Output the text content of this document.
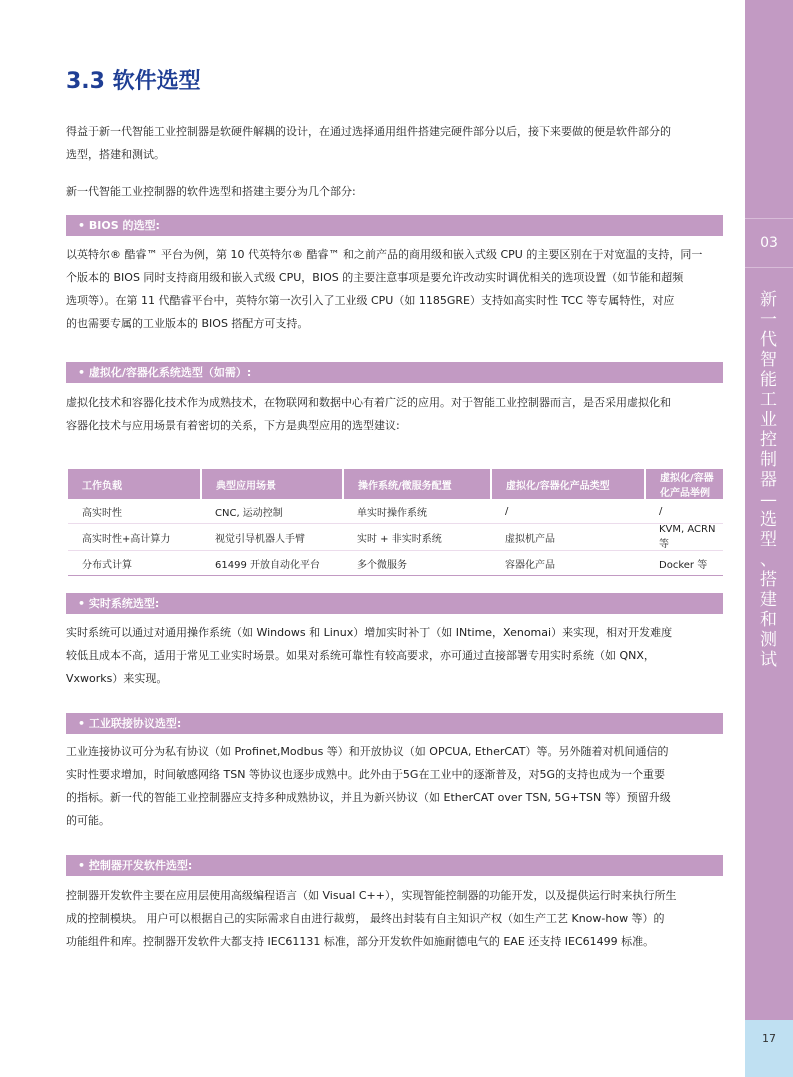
03
新
一
代
智
能
工
业
控
制
器
—
选
型
、
搭
建
和
测
试
17
3.3 软件选型

得益于新一代智能工业控制器是软硬件解耦的设计，在通过选择通用组件搭建完硬件部分以后，接下来要做的便是软件部分的
选型，搭建和测试。

新一代智能工业控制器的软件选型和搭建主要分为几个部分:

• BIOS 的选型:

以英特尔® 酷睿™ 平台为例，第 10 代英特尔® 酷睿™ 和之前产品的商用级和嵌入式级 CPU 的主要区别在于对宽温的支持，同一
个版本的 BIOS 同时支持商用级和嵌入式级 CPU，BIOS 的主要注意事项是要允许改动实时调优相关的选项设置（如节能和超频
选项等）。在第 11 代酷睿平台中，英特尔第一次引入了工业级 CPU（如 1185GRE）支持如高实时性 TCC 等专属特性，对应
的也需要专属的工业版本的 BIOS 搭配方可支持。

• 虚拟化/容器化系统选型（如需）:

虚拟化技术和容器化技术作为成熟技术，在物联网和数据中心有着广泛的应用。对于智能工业控制器而言，是否采用虚拟化和
容器化技术与应用场景有着密切的关系，下方是典型应用的选型建议:

工作负载	典型应用场景	操作系统/微服务配置	虚拟化/容器化产品类型	虚拟化/容器化产品举例
高实时性	CNC, 运动控制	单实时操作系统	/	/
高实时性+高计算力	视觉引导机器人手臂	实时 + 非实时系统	虚拟机产品	KVM, ACRN 等
分布式计算	61499 开放自动化平台	多个微服务	容器化产品	Docker 等
• 实时系统选型:

实时系统可以通过对通用操作系统（如 Windows 和 Linux）增加实时补丁（如 INtime，Xenomai）来实现，相对开发难度
较低且成本不高，适用于常见工业实时场景。如果对系统可靠性有较高要求，亦可通过直接部署专用实时系统（如 QNX，
Vxworks）来实现。

• 工业联接协议选型:

工业连接协议可分为私有协议（如 Profinet,Modbus 等）和开放协议（如 OPCUA, EtherCAT）等。另外随着对机间通信的
实时性要求增加，时间敏感网络 TSN 等协议也逐步成熟中。此外由于5G在工业中的逐渐普及，对5G的支持也成为一个重要
的指标。新一代的智能工业控制器应支持多种成熟协议，并且为新兴协议（如 EtherCAT over TSN, 5G+TSN 等）预留升级
的可能。

• 控制器开发软件选型:

控制器开发软件主要在应用层使用高级编程语言（如 Visual C++），实现智能控制器的功能开发，以及提供运行时来执行所生
成的控制模块。 用户可以根据自己的实际需求自由进行裁剪， 最终出封装有自主知识产权（如生产工艺 Know-how 等）的
功能组件和库。控制器开发软件大都支持 IEC61131 标准，部分开发软件如施耐德电气的 EAE 还支持 IEC61499 标准。
